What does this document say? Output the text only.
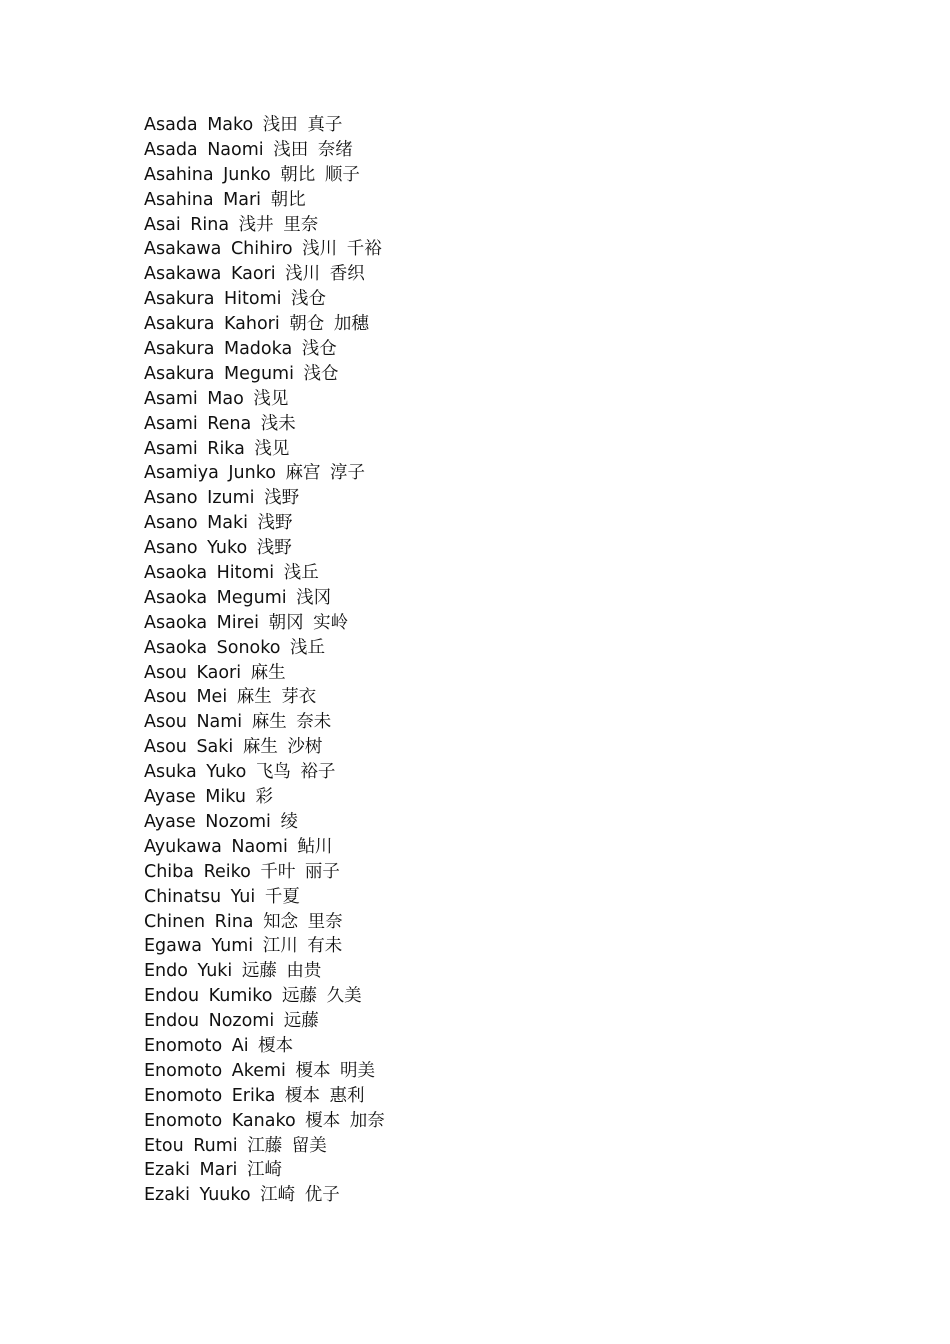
Asada Mako 浅田 真子
Asada Naomi 浅田 奈绪
Asahina Junko 朝比 顺子
Asahina Mari 朝比
Asai Rina 浅井 里奈
Asakawa Chihiro 浅川 千裕
Asakawa Kaori 浅川 香织
Asakura Hitomi 浅仓
Asakura Kahori 朝仓 加穗
Asakura Madoka 浅仓
Asakura Megumi 浅仓
Asami Mao 浅见
Asami Rena 浅未
Asami Rika 浅见
Asamiya Junko 麻宫 淳子
Asano Izumi 浅野
Asano Maki 浅野
Asano Yuko 浅野
Asaoka Hitomi 浅丘
Asaoka Megumi 浅冈
Asaoka Mirei 朝冈 实岭
Asaoka Sonoko 浅丘
Asou Kaori 麻生
Asou Mei 麻生 芽衣
Asou Nami 麻生 奈未
Asou Saki 麻生 沙树
Asuka Yuko 飞鸟 裕子
Ayase Miku 彩
Ayase Nozomi 绫
Ayukawa Naomi 鲇川
Chiba Reiko 千叶 丽子
Chinatsu Yui 千夏
Chinen Rina 知念 里奈
Egawa Yumi 江川 有未
Endo Yuki 远藤 由贵
Endou Kumiko 远藤 久美
Endou Nozomi 远藤
Enomoto Ai 榎本
Enomoto Akemi 榎本 明美
Enomoto Erika 榎本 惠利
Enomoto Kanako 榎本 加奈
Etou Rumi 江藤 留美
Ezaki Mari 江崎
Ezaki Yuuko 江崎 优子
